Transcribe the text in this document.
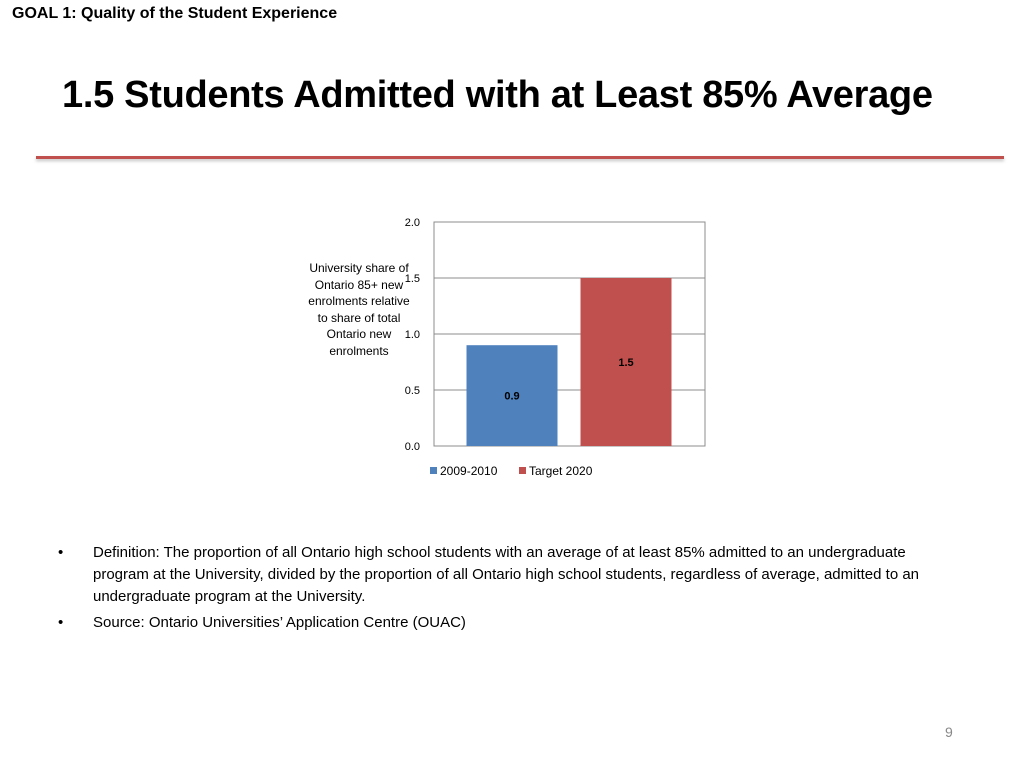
GOAL 1: Quality of the Student Experience
1.5 Students Admitted with at Least 85% Average
University share of Ontario 85+ new enrolments relative to share of total Ontario new enrolments
0.0
0.5
1.0
1.5
2.0
0.9
1.5
2009-2010	Target 2020
• Definition: The proportion of all Ontario high school students with an average of at least 85% admitted to an undergraduate program at the University, divided by the proportion of all Ontario high school students, regardless of average, admitted to an undergraduate program at the University.
• Source: Ontario Universities’ Application Centre (OUAC)
9
